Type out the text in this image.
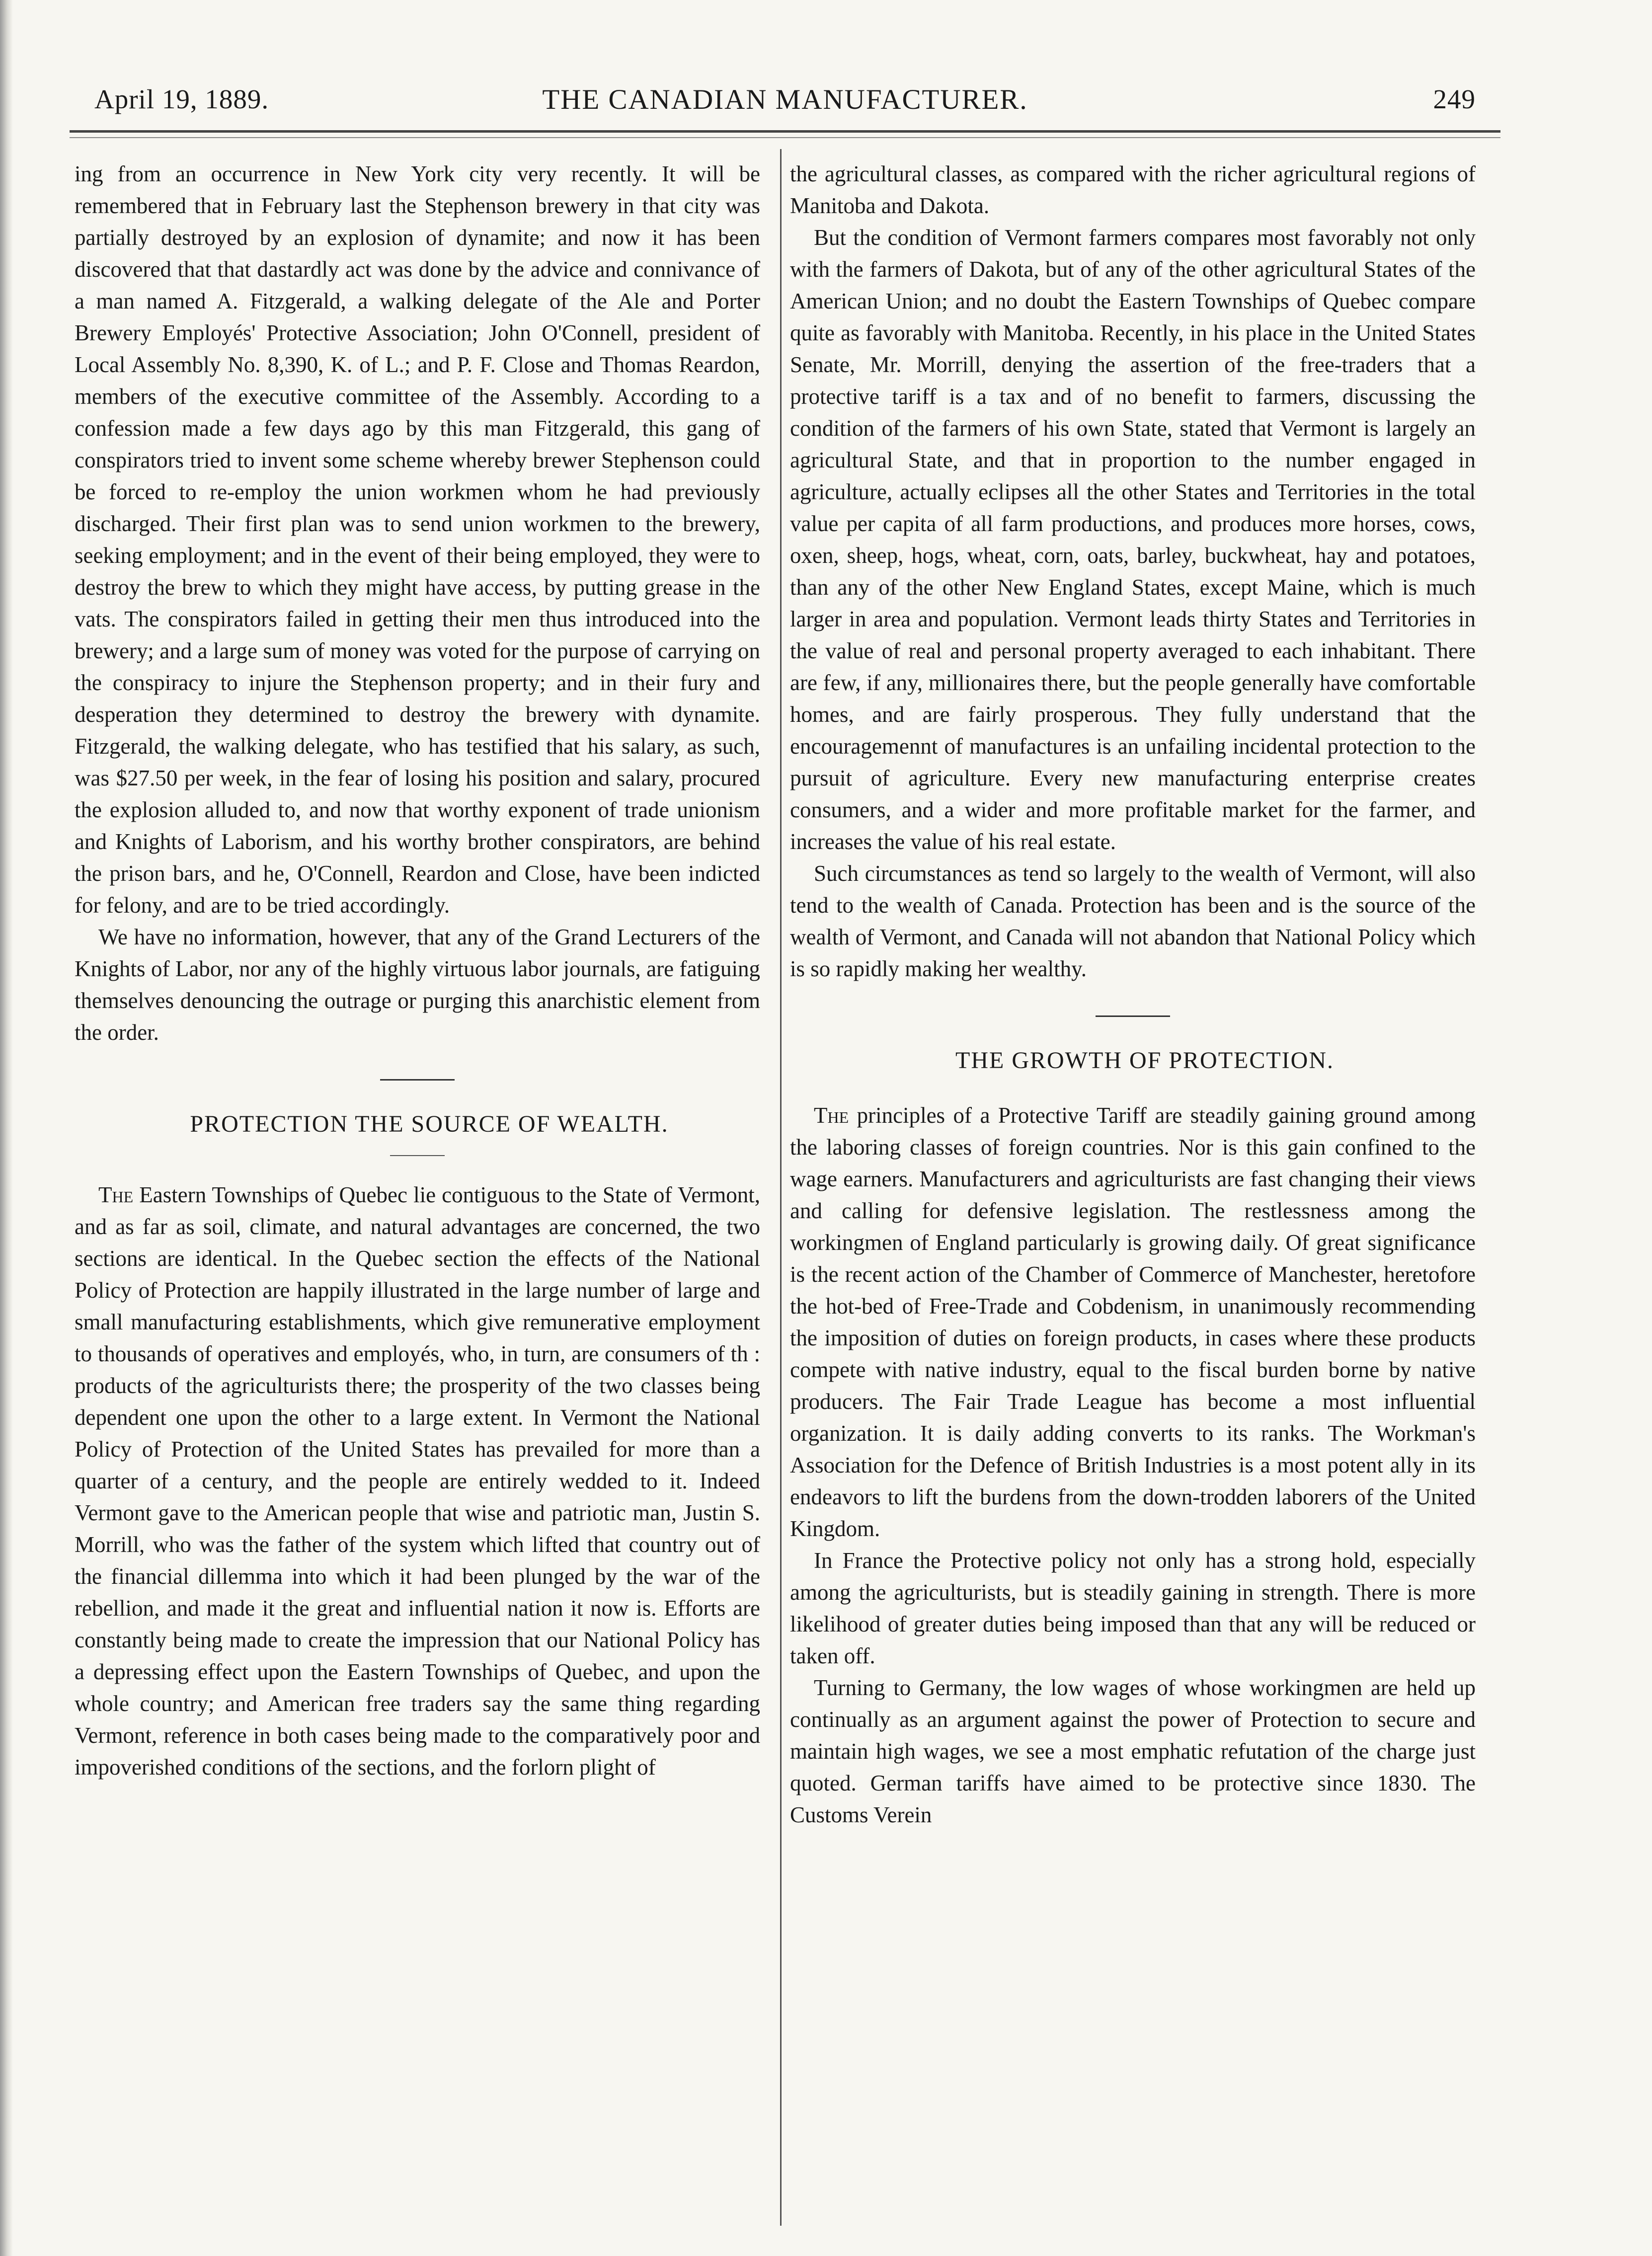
April 19, 1889.	THE CANADIAN MANUFACTURER.	249

ing from an occurrence in New York city very recently. It will be remembered that in February last the Stephenson brewery in that city was partially destroyed by an explosion of dynamite; and now it has been discovered that that dastardly act was done by the advice and connivance of a man named A. Fitzgerald, a walking delegate of the Ale and Porter Brewery Employés' Protective Association; John O'Connell, president of Local Assembly No. 8,390, K. of L.; and P. F. Close and Thomas Reardon, members of the executive committee of the Assembly. According to a confession made a few days ago by this man Fitzgerald, this gang of conspirators tried to invent some scheme whereby brewer Stephenson could be forced to re-employ the union workmen whom he had previously discharged. Their first plan was to send union workmen to the brewery, seeking employment; and in the event of their being employed, they were to destroy the brew to which they might have access, by putting grease in the vats. The conspirators failed in getting their men thus introduced into the brewery; and a large sum of money was voted for the purpose of carrying on the conspiracy to injure the Stephenson property; and in their fury and desperation they determined to destroy the brewery with dynamite. Fitzgerald, the walking delegate, who has testified that his salary, as such, was $27.50 per week, in the fear of losing his position and salary, procured the explosion alluded to, and now that worthy exponent of trade unionism and Knights of Laborism, and his worthy brother conspirators, are behind the prison bars, and he, O'Connell, Reardon and Close, have been indicted for felony, and are to be tried accordingly.

We have no information, however, that any of the Grand Lecturers of the Knights of Labor, nor any of the highly virtuous labor journals, are fatiguing themselves denouncing the outrage or purging this anarchistic element from the order.

PROTECTION THE SOURCE OF WEALTH.

The Eastern Townships of Quebec lie contiguous to the State of Vermont, and as far as soil, climate, and natural advantages are concerned, the two sections are identical. In the Quebec section the effects of the National Policy of Protection are happily illustrated in the large number of large and small manufacturing establishments, which give remunerative employment to thousands of operatives and employés, who, in turn, are consumers of th : products of the agriculturists there; the prosperity of the two classes being dependent one upon the other to a large extent. In Vermont the National Policy of Protection of the United States has prevailed for more than a quarter of a century, and the people are entirely wedded to it. Indeed Vermont gave to the American people that wise and patriotic man, Justin S. Morrill, who was the father of the system which lifted that country out of the financial dillemma into which it had been plunged by the war of the rebellion, and made it the great and influential nation it now is. Efforts are constantly being made to create the impression that our National Policy has a depressing effect upon the Eastern Townships of Quebec, and upon the whole country; and American free traders say the same thing regarding Vermont, reference in both cases being made to the comparatively poor and impoverished conditions of the sections, and the forlorn plight of

the agricultural classes, as compared with the richer agricultural regions of Manitoba and Dakota.

But the condition of Vermont farmers compares most favorably not only with the farmers of Dakota, but of any of the other agricultural States of the American Union; and no doubt the Eastern Townships of Quebec compare quite as favorably with Manitoba. Recently, in his place in the United States Senate, Mr. Morrill, denying the assertion of the free-traders that a protective tariff is a tax and of no benefit to farmers, discussing the condition of the farmers of his own State, stated that Vermont is largely an agricultural State, and that in proportion to the number engaged in agriculture, actually eclipses all the other States and Territories in the total value per capita of all farm productions, and produces more horses, cows, oxen, sheep, hogs, wheat, corn, oats, barley, buckwheat, hay and potatoes, than any of the other New England States, except Maine, which is much larger in area and population. Vermont leads thirty States and Territories in the value of real and personal property averaged to each inhabitant. There are few, if any, millionaires there, but the people generally have comfortable homes, and are fairly prosperous. They fully understand that the encouragemennt of manufactures is an unfailing incidental protection to the pursuit of agriculture. Every new manufacturing enterprise creates consumers, and a wider and more profitable market for the farmer, and increases the value of his real estate.

Such circumstances as tend so largely to the wealth of Vermont, will also tend to the wealth of Canada. Protection has been and is the source of the wealth of Vermont, and Canada will not abandon that National Policy which is so rapidly making her wealthy.

THE GROWTH OF PROTECTION.

The principles of a Protective Tariff are steadily gaining ground among the laboring classes of foreign countries. Nor is this gain confined to the wage earners. Manufacturers and agriculturists are fast changing their views and calling for defensive legislation. The restlessness among the workingmen of England particularly is growing daily. Of great significance is the recent action of the Chamber of Commerce of Manchester, heretofore the hot-bed of Free-Trade and Cobdenism, in unanimously recommending the imposition of duties on foreign products, in cases where these products compete with native industry, equal to the fiscal burden borne by native producers. The Fair Trade League has become a most influential organization. It is daily adding converts to its ranks. The Workman's Association for the Defence of British Industries is a most potent ally in its endeavors to lift the burdens from the down-trodden laborers of the United Kingdom.

In France the Protective policy not only has a strong hold, especially among the agriculturists, but is steadily gaining in strength. There is more likelihood of greater duties being imposed than that any will be reduced or taken off.

Turning to Germany, the low wages of whose workingmen are held up continually as an argument against the power of Protection to secure and maintain high wages, we see a most emphatic refutation of the charge just quoted. German tariffs have aimed to be protective since 1830. The Customs Verein
